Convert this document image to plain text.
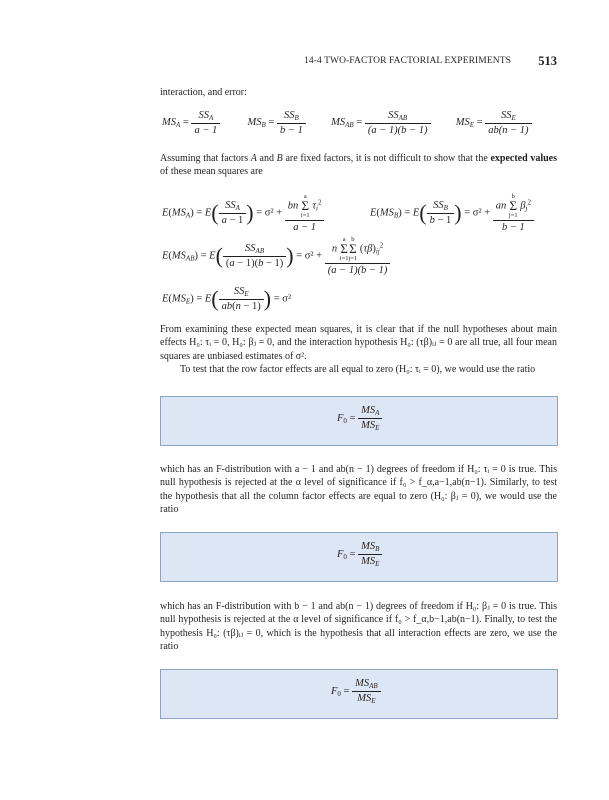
14-4 TWO-FACTOR FACTORIAL EXPERIMENTS 513
interaction, and error:
$MS_A = \frac{SS_A}{a - 1}$	$MS_B = \frac{SS_B}{b - 1} MS_{AB} = \frac{SS_{AB}}{(a - 1)(b - 1)} MS_E = \frac{SS_E}{ab(n - 1)}$
Assuming that factors A and B are fixed factors, it is not difficult to show that the expected values of these mean squares are
$E(MS_A) = E( \frac{SS_A}{a - 1}$ ) = σ² + bn a
Σ
i=1 $\tau_i^2$
a − 1	$E(MS_B) = E( \frac{SS_B}{b - 1}$ ) = σ² + an b
Σ
j=1 $\beta_j^2$
b − 1
$E(MS_{AB}) = E( \frac{SS_{AB}}{(a - 1)(b - 1)}$ ) = σ² + n a
Σ
i=1b
Σ
j=1 $(\tau\beta)_{ij}^2$
(a − 1)(b − 1)
$E(MS_E) = E( \frac{SS_E}{ab(n - 1)}$ ) = σ²
From examining these expected mean squares, it is clear that if the null hypotheses about main effects H₀: τᵢ = 0, H₀: βⱼ = 0, and the interaction hypothesis H₀: (τβ)ᵢⱼ = 0 are all true, all four mean squares are unbiased estimates of σ².
To test that the row factor effects are all equal to zero (H₀: τᵢ = 0), we would use the ratio
$F_0 = \frac{MS_A}{MS_E}$
which has an F-distribution with a − 1 and ab(n − 1) degrees of freedom if H₀: τᵢ = 0 is true. This null hypothesis is rejected at the α level of significance if f₀ > f_α,a−1,ab(n−1). Similarly, to test the hypothesis that all the column factor effects are equal to zero (H₀: βⱼ = 0), we would use the ratio
$F_0 = \frac{MS_B}{MS_E}$
which has an F-distribution with b − 1 and ab(n − 1) degrees of freedom if H₀: βⱼ = 0 is true. This null hypothesis is rejected at the α level of significance if f₀ > f_α,b−1,ab(n−1). Finally, to test the hypothesis H₀: (τβ)ᵢⱼ = 0, which is the hypothesis that all interaction effects are zero, we use the ratio
$F_0 = \frac{MS_{AB}}{MS_E}$
